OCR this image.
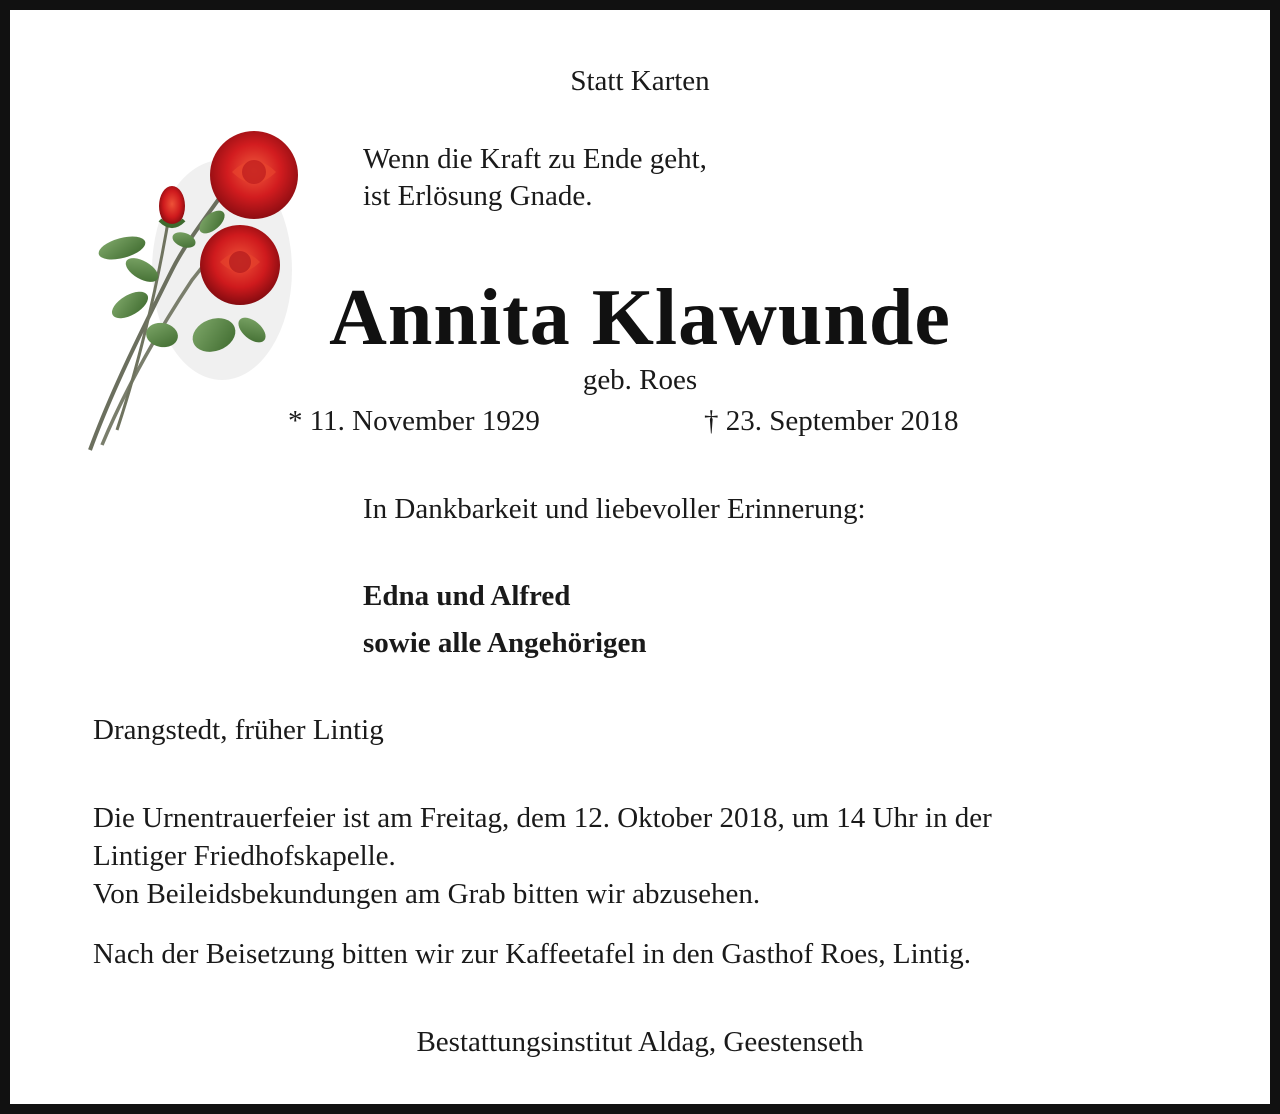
Statt Karten
Wenn die Kraft zu Ende geht,
ist Erlösung Gnade.
Annita Klawunde
geb. Roes
* 11. November 1929	† 23. September 2018
In Dankbarkeit und liebevoller Erinnerung:
Edna und Alfred
sowie alle Angehörigen
Drangstedt, früher Lintig
Die Urnentrauerfeier ist am Freitag, dem 12. Oktober 2018, um 14 Uhr in der
Lintiger Friedhofskapelle.
Von Beileidsbekundungen am Grab bitten wir abzusehen.
Nach der Beisetzung bitten wir zur Kaffeetafel in den Gasthof Roes, Lintig.
Bestattungsinstitut Aldag, Geestenseth
